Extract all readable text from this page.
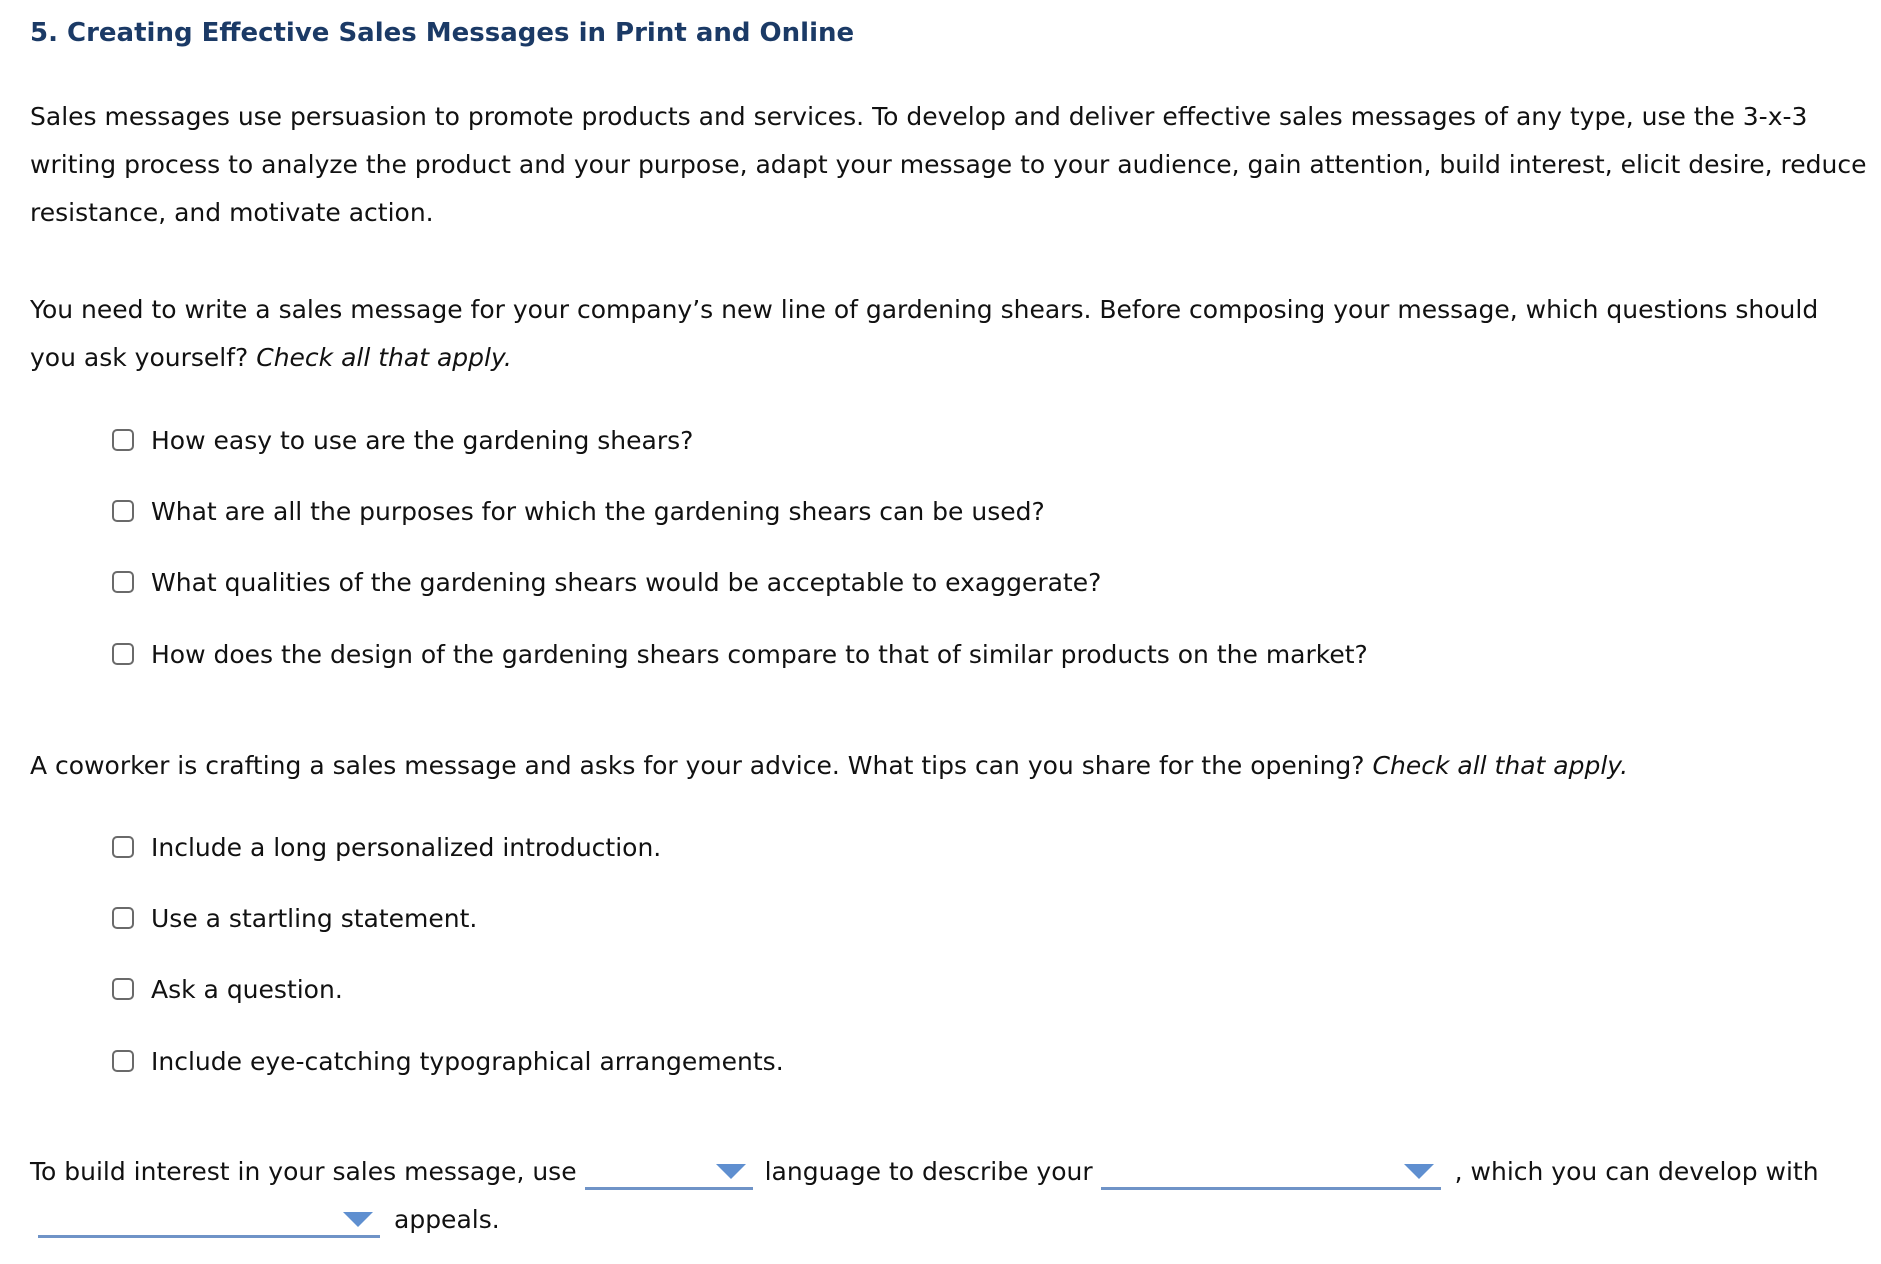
5. Creating Effective Sales Messages in Print and Online
Sales messages use persuasion to promote products and services. To develop and deliver effective sales messages of any type, use the 3-x-3 writing process to analyze the product and your purpose, adapt your message to your audience, gain attention, build interest, elicit desire, reduce resistance, and motivate action.
You need to write a sales message for your company’s new line of gardening shears. Before composing your message, which questions should you ask yourself? Check all that apply.
How easy to use are the gardening shears?
What are all the purposes for which the gardening shears can be used?
What qualities of the gardening shears would be acceptable to exaggerate?
How does the design of the gardening shears compare to that of similar products on the market?
A coworker is crafting a sales message and asks for your advice. What tips can you share for the opening? Check all that apply.
Include a long personalized introduction.
Use a startling statement.
Ask a question.
Include eye-catching typographical arrangements.
To build interest in your sales message, use	language to describe your	, which you can develop with

appeals.
